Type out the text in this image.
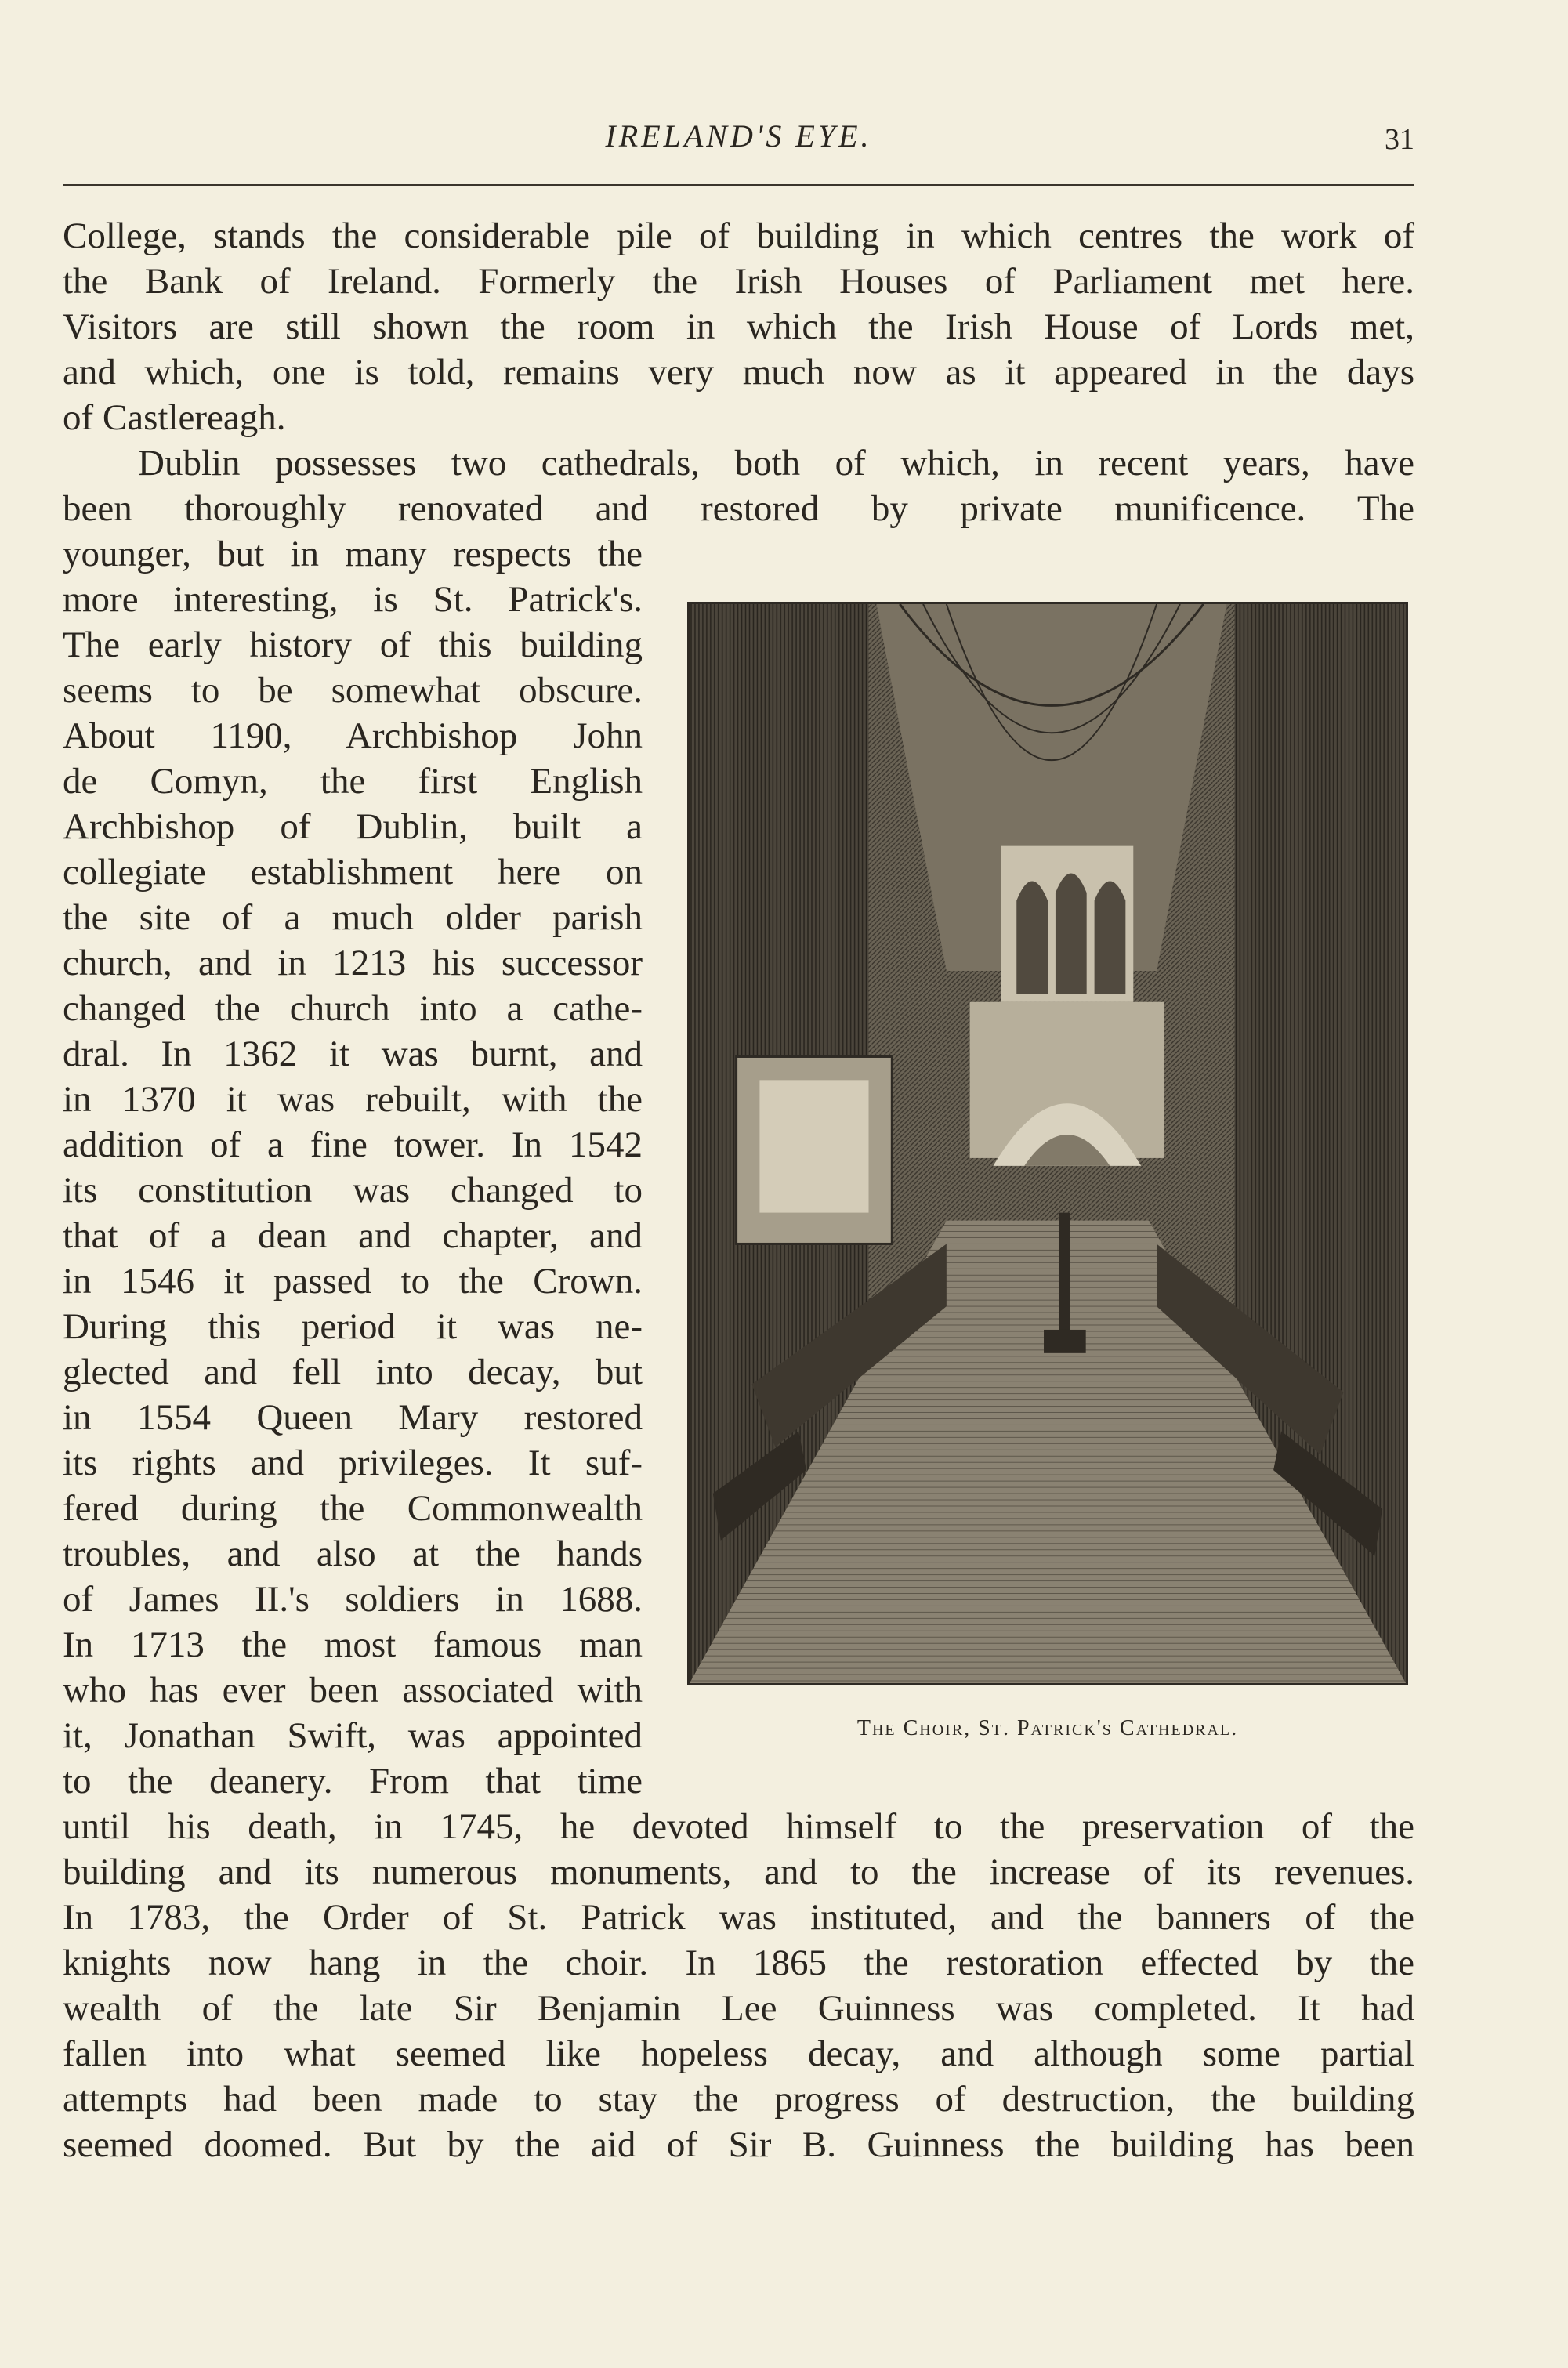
IRELAND'S EYE.	31

College, stands the considerable pile of building in which centres the work of

the Bank of Ireland. Formerly the Irish Houses of Parliament met here.

Visitors are still shown the room in which the Irish House of Lords met,

and which, one is told, remains very much now as it appeared in the days

of Castlereagh.

Dublin possesses two cathedrals, both of which, in recent years, have

been thoroughly renovated and restored by private munificence. The

younger, but in many respects the

more interesting, is St. Patrick's.

The early history of this building

seems to be somewhat obscure.

About 1190, Archbishop John

de Comyn, the first English

Archbishop of Dublin, built a

collegiate establishment here on

the site of a much older parish

church, and in 1213 his successor

changed the church into a cathe-

dral. In 1362 it was burnt, and

in 1370 it was rebuilt, with the

addition of a fine tower. In 1542

its constitution was changed to

that of a dean and chapter, and

in 1546 it passed to the Crown.

During this period it was ne-

glected and fell into decay, but

in 1554 Queen Mary restored

its rights and privileges. It suf-

fered during the Commonwealth

troubles, and also at the hands

of James II.'s soldiers in 1688.

In 1713 the most famous man

who has ever been associated with

it, Jonathan Swift, was appointed

to the deanery. From that time

until his death, in 1745, he devoted himself to the preservation of the

building and its numerous monuments, and to the increase of its revenues.

In 1783, the Order of St. Patrick was instituted, and the banners of the

knights now hang in the choir. In 1865 the restoration effected by the

wealth of the late Sir Benjamin Lee Guinness was completed. It had

fallen into what seemed like hopeless decay, and although some partial

attempts had been made to stay the progress of destruction, the building

seemed doomed. But by the aid of Sir B. Guinness the building has been

The Choir, St. Patrick's Cathedral.
